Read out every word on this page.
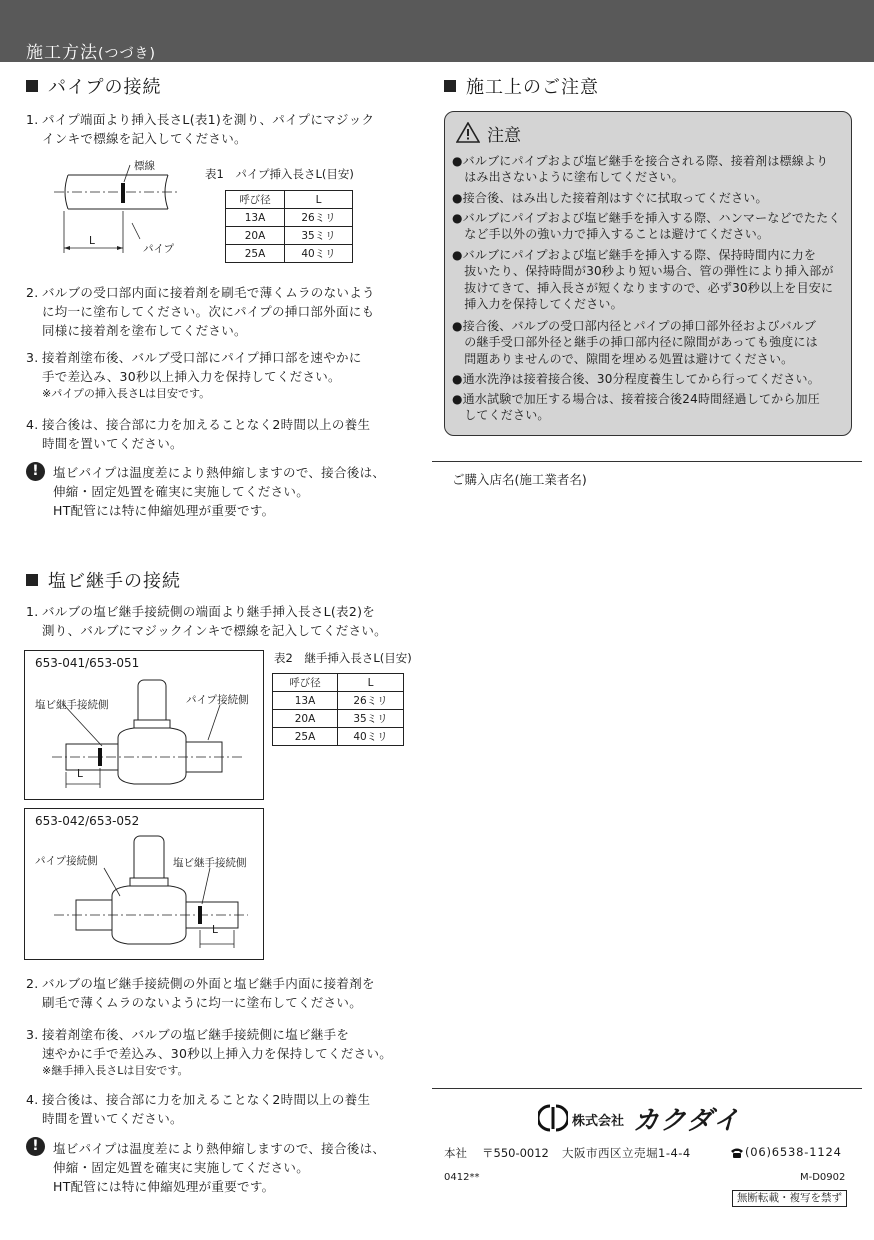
施工方法(つづき)
パイプの接続
1. パイプ端面より挿入長さL(表1)を測り、パイプにマジック
インキで標線を記入してください。
標線
パイプ
L
表1　パイプ挿入長さL(目安)
呼び径	L
13A	26ミリ
20A	35ミリ
25A	40ミリ
2. バルブの受口部内面に接着剤を刷毛で薄くムラのないよう
に均一に塗布してください。次にパイプの挿口部外面にも
同様に接着剤を塗布してください。
3. 接着剤塗布後、バルブ受口部にパイプ挿口部を速やかに
手で差込み、30秒以上挿入力を保持してください。
※パイプの挿入長さLは目安です。
4. 接合後は、接合部に力を加えることなく2時間以上の養生
時間を置いてください。
!	塩ビパイプは温度差により熱伸縮しますので、接合後は、
伸縮・固定処置を確実に実施してください。
HT配管には特に伸縮処理が重要です。
塩ビ継手の接続
1. バルブの塩ビ継手接続側の端面より継手挿入長さL(表2)を
測り、バルブにマジックインキで標線を記入してください。
653-041/653-051
塩ビ継手接続側	パイプ接続側
L
653-042/653-052
パイプ接続側	塩ビ継手接続側
L
表2　継手挿入長さL(目安)
呼び径	L
13A	26ミリ
20A	35ミリ
25A	40ミリ
2. バルブの塩ビ継手接続側の外面と塩ビ継手内面に接着剤を
刷毛で薄くムラのないように均一に塗布してください。
3. 接着剤塗布後、バルブの塩ビ継手接続側に塩ビ継手を
速やかに手で差込み、30秒以上挿入力を保持してください。
※継手挿入長さLは目安です。
4. 接合後は、接合部に力を加えることなく2時間以上の養生
時間を置いてください。
!	塩ビパイプは温度差により熱伸縮しますので、接合後は、
伸縮・固定処置を確実に実施してください。
HT配管には特に伸縮処理が重要です。
施工上のご注意
注意
●バルブにパイプおよび塩ビ継手を接合される際、接着剤は標線より
　はみ出さないように塗布してください。
●接合後、はみ出した接着剤はすぐに拭取ってください。
●バルブにパイプおよび塩ビ継手を挿入する際、ハンマーなどでたたく
　など手以外の強い力で挿入することは避けてください。
●バルブにパイプおよび塩ビ継手を挿入する際、保持時間内に力を
　抜いたり、保持時間が30秒より短い場合、管の弾性により挿入部が
　抜けてきて、挿入長さが短くなりますので、必ず30秒以上を目安に
　挿入力を保持してください。
●接合後、バルブの受口部内径とパイプの挿口部外径およびバルブ
　の継手受口部外径と継手の挿口部内径に隙間があっても強度には
　問題ありませんので、隙間を埋める処置は避けてください。
●通水洗浄は接着接合後、30分程度養生してから行ってください。
●通水試験で加圧する場合は、接着接合後24時間経過してから加圧
　してください。
ご購入店名(施工業者名)
株式会社 カクダイ
本社 〒550-0012 大阪市西区立売堀1-4-4	(06)6538-1124
0412**	M-D0902
無断転載・複写を禁ず
